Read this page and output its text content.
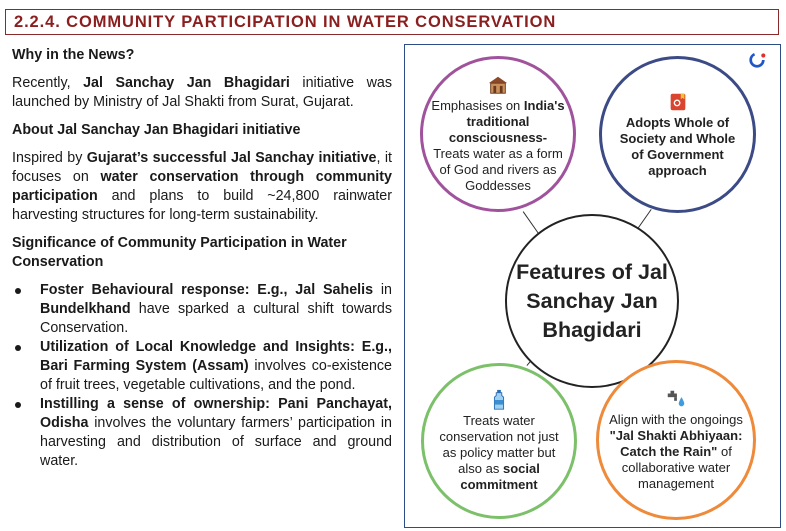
2.2.4. COMMUNITY PARTICIPATION IN WATER CONSERVATION

Why in the News?

Recently, Jal Sanchay Jan Bhagidari initiative was launched by Ministry of Jal Shakti from Surat, Gujarat.

About Jal Sanchay Jan Bhagidari initiative

Inspired by Gujarat’s successful Jal Sanchay initiative, it focuses on water conservation through community participation and plans to build ~24,800 rainwater harvesting structures for long-term sustainability.

Significance of Community Participation in Water Conservation

Foster Behavioural response: E.g., Jal Sahelis in Bundelkhand have sparked a cultural shift towards Conservation.
Utilization of Local Knowledge and Insights: E.g., Bari Farming System (Assam) involves co-existence of fruit trees, vegetable cultivations, and the pond.
Instilling a sense of ownership: Pani Panchayat, Odisha involves the voluntary farmers’ participation in harvesting and distribution of surface and ground water.
Emphasises on India's traditional consciousness-Treats water as a form of God and rivers as Goddesses
Adopts Whole of Society and Whole of Government approach
Features of Jal Sanchay Jan Bhagidari
Treats water conservation not just as policy matter but also as social commitment
Align with the ongoings "Jal Shakti Abhiyaan: Catch the Rain" of collaborative water management
